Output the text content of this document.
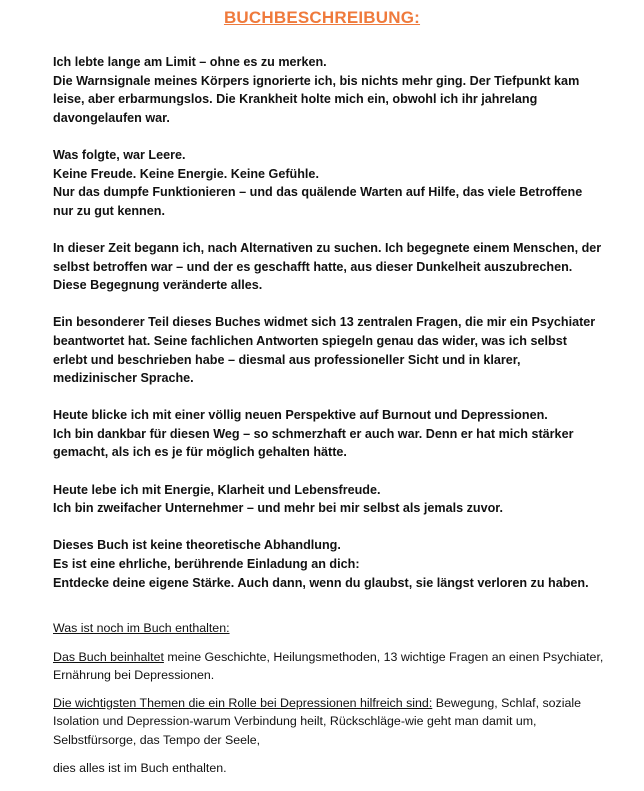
BUCHBESCHREIBUNG:

Ich lebte lange am Limit – ohne es zu merken.
Die Warnsignale meines Körpers ignorierte ich, bis nichts mehr ging. Der Tiefpunkt kam
leise, aber erbarmungslos. Die Krankheit holte mich ein, obwohl ich ihr jahrelang
davongelaufen war.

Was folgte, war Leere.
Keine Freude. Keine Energie. Keine Gefühle.
Nur das dumpfe Funktionieren – und das quälende Warten auf Hilfe, das viele Betroffene
nur zu gut kennen.

In dieser Zeit begann ich, nach Alternativen zu suchen. Ich begegnete einem Menschen, der
selbst betroffen war – und der es geschafft hatte, aus dieser Dunkelheit auszubrechen.
Diese Begegnung veränderte alles.

Ein besonderer Teil dieses Buches widmet sich 13 zentralen Fragen, die mir ein Psychiater
beantwortet hat. Seine fachlichen Antworten spiegeln genau das wider, was ich selbst
erlebt und beschrieben habe – diesmal aus professioneller Sicht und in klarer,
medizinischer Sprache.

Heute blicke ich mit einer völlig neuen Perspektive auf Burnout und Depressionen.
Ich bin dankbar für diesen Weg – so schmerzhaft er auch war. Denn er hat mich stärker
gemacht, als ich es je für möglich gehalten hätte.

Heute lebe ich mit Energie, Klarheit und Lebensfreude.
Ich bin zweifacher Unternehmer – und mehr bei mir selbst als jemals zuvor.

Dieses Buch ist keine theoretische Abhandlung.
Es ist eine ehrliche, berührende Einladung an dich:
Entdecke deine eigene Stärke. Auch dann, wenn du glaubst, sie längst verloren zu haben.

Was ist noch im Buch enthalten:

Das Buch beinhaltet meine Geschichte, Heilungsmethoden, 13 wichtige Fragen an einen Psychiater, Ernährung bei Depressionen.

Die wichtigsten Themen die ein Rolle bei Depressionen hilfreich sind: Bewegung, Schlaf, soziale Isolation und Depression-warum Verbindung heilt, Rückschläge-wie geht man damit um, Selbstfürsorge, das Tempo der Seele,

dies alles ist im Buch enthalten.
